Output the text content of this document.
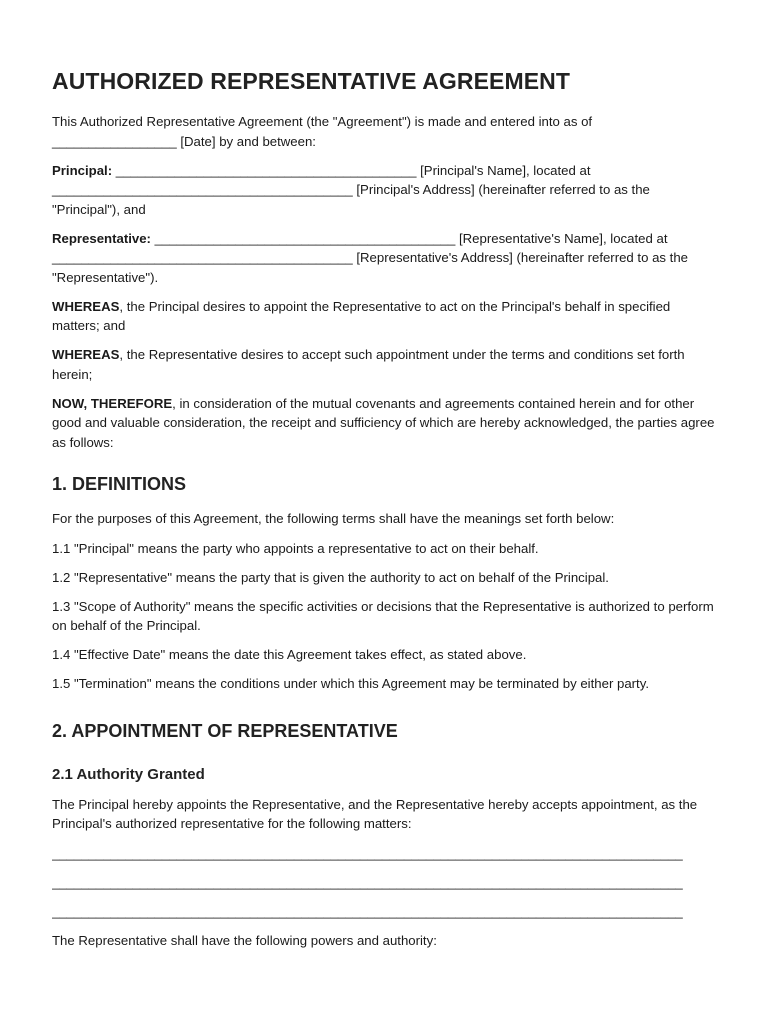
AUTHORIZED REPRESENTATIVE AGREEMENT

This Authorized Representative Agreement (the "Agreement") is made and entered into as of _________________ [Date] by and between:

Principal: _________________________________________ [Principal's Name], located at _________________________________________ [Principal's Address] (hereinafter referred to as the "Principal"), and

Representative: _________________________________________ [Representative's Name], located at _________________________________________ [Representative's Address] (hereinafter referred to as the "Representative").

WHEREAS, the Principal desires to appoint the Representative to act on the Principal's behalf in specified matters; and

WHEREAS, the Representative desires to accept such appointment under the terms and conditions set forth herein;

NOW, THEREFORE, in consideration of the mutual covenants and agreements contained herein and for other good and valuable consideration, the receipt and sufficiency of which are hereby acknowledged, the parties agree as follows:

1. DEFINITIONS

For the purposes of this Agreement, the following terms shall have the meanings set forth below:

1.1 "Principal" means the party who appoints a representative to act on their behalf.

1.2 "Representative" means the party that is given the authority to act on behalf of the Principal.

1.3 "Scope of Authority" means the specific activities or decisions that the Representative is authorized to perform on behalf of the Principal.

1.4 "Effective Date" means the date this Agreement takes effect, as stated above.

1.5 "Termination" means the conditions under which this Agreement may be terminated by either party.

2. APPOINTMENT OF REPRESENTATIVE
2.1 Authority Granted

The Principal hereby appoints the Representative, and the Representative hereby accepts appointment, as the Principal's authorized representative for the following matters:

______________________________________________________________________________________
______________________________________________________________________________________
______________________________________________________________________________________

The Representative shall have the following powers and authority:
